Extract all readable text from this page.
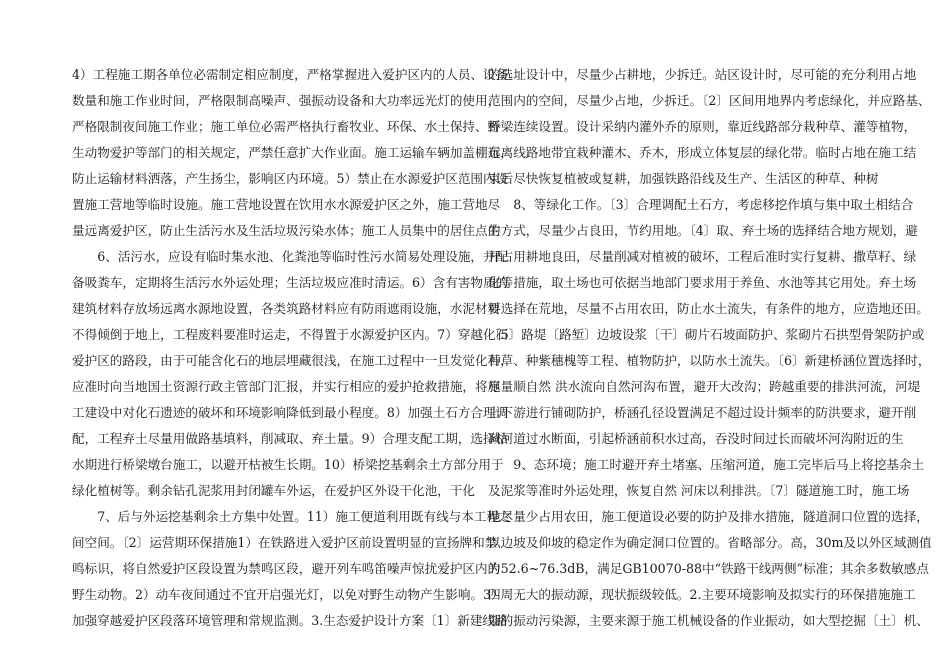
4）工程施工期各单位必需制定相应制度，严格掌握进入爱护区内的人员、设备
数量和施工作业时间，严格限制高噪声、强振动设备和大功率远光灯的使用，
严格限制夜间施工作业；施工单位必需严格执行畜牧业、环保、水土保持、野
生动物爱护等部门的相关规定，严禁任意扩大作业面。施工运输车辆加盖棚布，
防止运输材料洒落，产生扬尘，影响区内环境。5）禁止在水源爱护区范围内设
置施工营地等临时设施。施工营地设置在饮用水水源爱护区之外，施工营地尽
量远离爱护区，防止生活污水及生活垃圾污染水体；施工人员集中的居住点生
　　6、活污水，应设有临时集水池、化粪池等临时性污水简易处理设施，并配
备吸粪车，定期将生活污水外运处理；生活垃圾应准时清运。6）含有害物质的
建筑材料存放场远离水源地设置，各类筑路材料应有防雨遮雨设施，水泥材料
不得倾倒于地上，工程废料要准时运走，不得置于水源爱护区内。7）穿越化石
爱护区的路段，由于可能含化石的地层埋藏很浅，在施工过程中一旦发觉化石，
应准时向当地国土资源行政主管部门汇报，并实行相应的爱护抢救措施，将施
工建设中对化石遗迹的破坏和环境影响降低到最小程度。8）加强土石方合理调
配，工程弃土尽量用做路基填料，削减取、弃土量。9）合理支配工期，选择枯
水期进行桥梁墩台施工，以避开枯被生长期。10）桥梁挖基剩余土方部分用于
绿化植树等。剩余钻孔泥浆用封闭罐车外运，在爱护区外设干化池，干化
　　7、后与外运挖基剩余土方集中处置。11）施工便道利用既有线与本工程之
间空间。〔2〕运营期环保措施1）在铁路进入爱护区前设置明显的宣扬牌和禁
鸣标识，将自然爱护区段设置为禁鸣区段，避开列车鸣笛噪声惊扰爱护区内的
野生动物。2）动车夜间通过不宜开启强光灯，以免对野生动物产生影响。3）
加强穿越爱护区段落环境管理和常规监测。3.生态爱护设计方案〔1〕新建线路
的选址设计中，尽量少占耕地，少拆迁。站区设计时，尽可能的充分利用占地
范围内的空间，尽量少占地，少拆迁。〔2〕区间用地界内考虑绿化，并应路基、
桥梁连续设置。设计采纳内灌外乔的原则，靠近线路部分栽种草、灌等植物，
远离线路地带宜栽种灌木、乔木，形成立体复层的绿化带。临时占地在施工结
束后尽快恢复植被或复耕，加强铁路沿线及生产、生活区的种草、种树
　　8、等绿化工作。〔3〕合理调配土石方，考虑移挖作填与集中取土相结合
的方式，尽量少占良田，节约用地。〔4〕取、弃土场的选择结合地方规划，避
开占用耕地良田，尽量削减对植被的破坏，工程后准时实行复耕、撒草籽、绿
化等措施，取土场也可依据当地部门要求用于养鱼、水池等其它用处。弃土场
要选择在荒地，尽量不占用农田，防止水土流失，有条件的地方，应造地还田。
〔5〕路堤〔路堑〕边坡设浆〔干〕砌片石坡面防护、浆砌片石拱型骨架防护或
种草、种紫穗槐等工程、植物防护，以防水土流失。〔6〕新建桥涵位置选择时，
尽量顺自然 洪水流向自然河沟布置，避开大改沟；跨越重要的排洪河流，河堤
上下游进行铺砌防护，桥涵孔径设置满足不超过设计频率的防洪要求，避开削
减河道过水断面，引起桥涵前积水过高，吞没时间过长而破坏河沟附近的生
　　9、态环境；施工时避开弃土堵塞、压缩河道，施工完毕后马上将挖基余土
及泥浆等准时外运处理，恢复自然 河床以利排洪。〔7〕隧道施工时，施工场
地尽量少占用农田，施工便道设必要的防护及排水措施，隧道洞口位置的选择，
以边坡及仰坡的稳定作为确定洞口位置的。省略部分。高，30m及以外区域测值
为52.6~76.3dB，满足GB10070-88中“铁路干线两侧”标准；其余多数敏感点
四周无大的振动源，现状振级较低。2.主要环境影响及拟实行的环保措施施工
期的振动污染源，主要来源于施工机械设备的作业振动，如大型挖掘〔土〕机、
